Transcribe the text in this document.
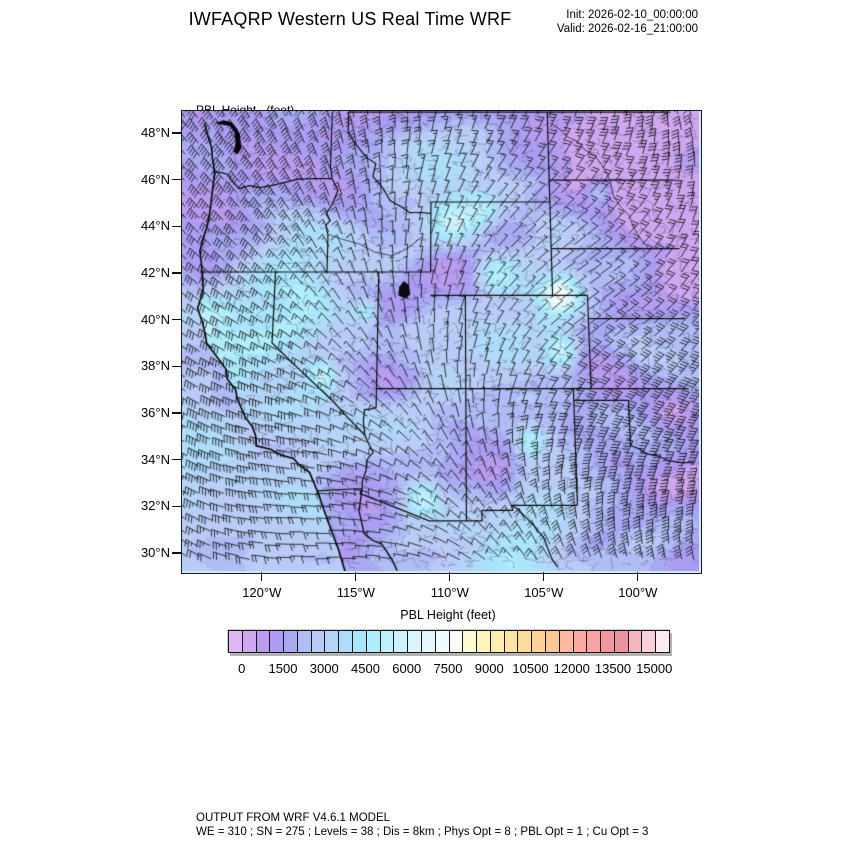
IWFAQRP Western US Real Time WRF	Init: 2026-02-10_00:00:00
Valid: 2026-02-16_21:00:00

48°N
46°N
44°N
42°N
40°N
38°N
36°N
34°N
32°N
30°N
120°W	115°W	110°W	105°W	100°W
PBL Height (feet)
0	1500 3000 4500 6000 7500 9000 10500 12000 13500 15000
OUTPUT FROM WRF V4.6.1 MODEL
WE = 310 ; SN = 275 ; Levels = 38 ; Dis = 8km ; Phys Opt = 8 ; PBL Opt = 1 ; Cu Opt = 3
